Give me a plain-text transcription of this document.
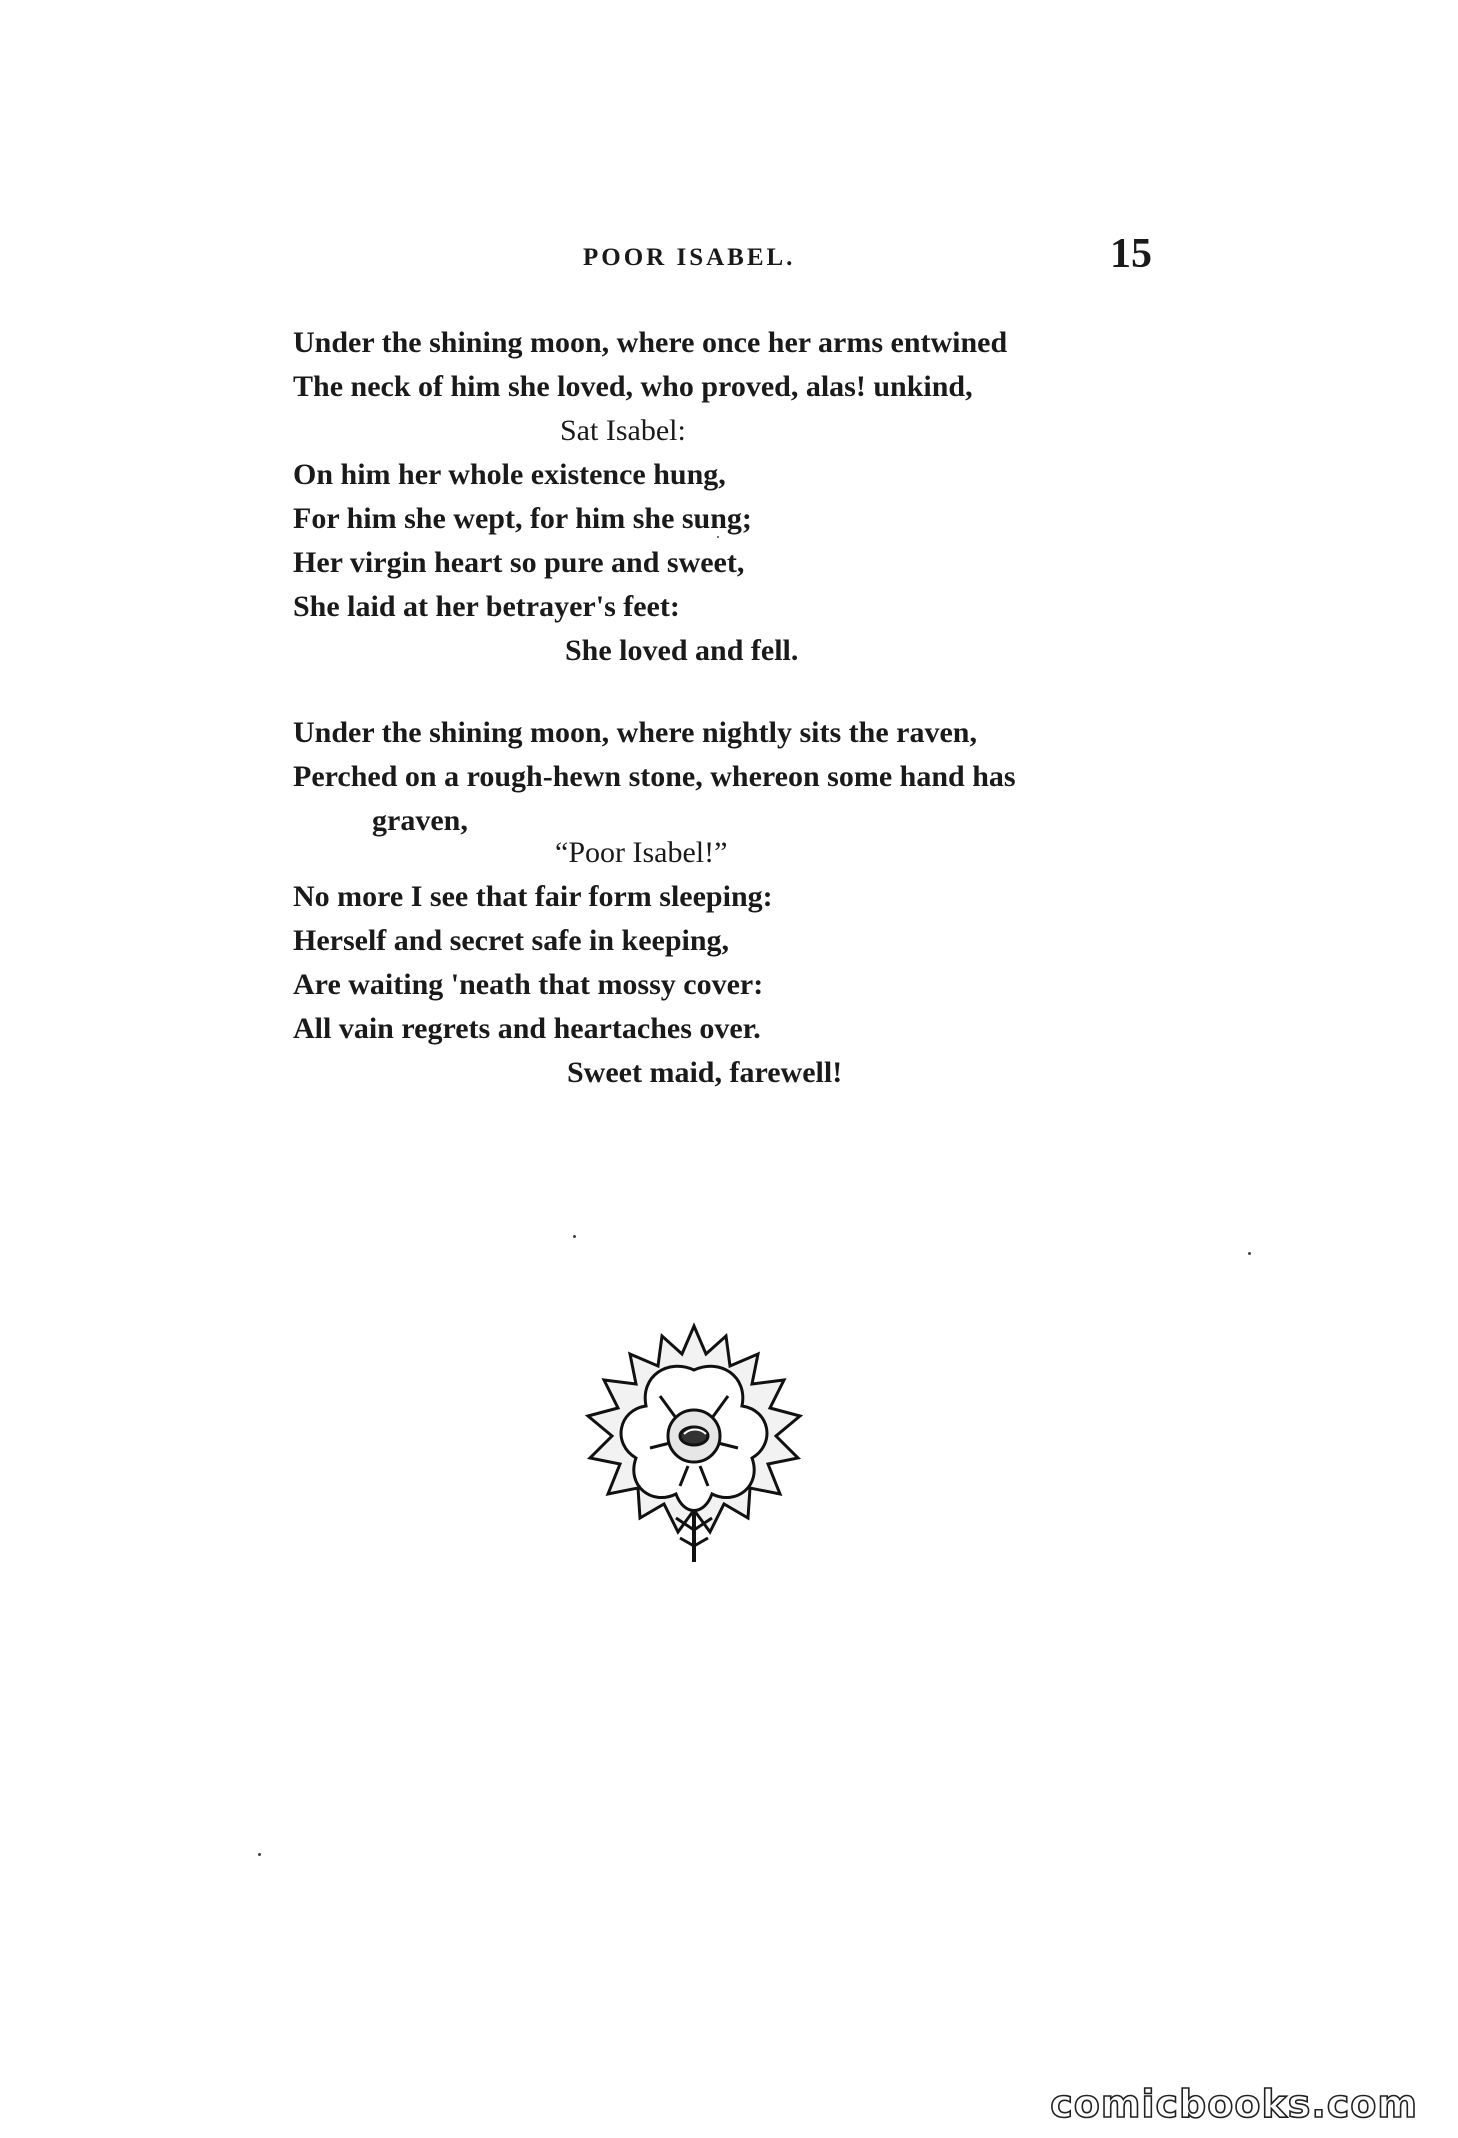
POOR ISABEL.	15
Under the shining moon, where once her arms entwined
The neck of him she loved, who proved, alas! unkind,
Sat Isabel:
On him her whole existence hung,
For him she wept, for him she sung;
Her virgin heart so pure and sweet,
She laid at her betrayer's feet:
She loved and fell.
Under the shining moon, where nightly sits the raven,
Perched on a rough-hewn stone, whereon some hand has
graven,
“Poor Isabel!”
No more I see that fair form sleeping:
Herself and secret safe in keeping,
Are waiting 'neath that mossy cover:
All vain regrets and heartaches over.
Sweet maid, farewell!
comicbooks.com
